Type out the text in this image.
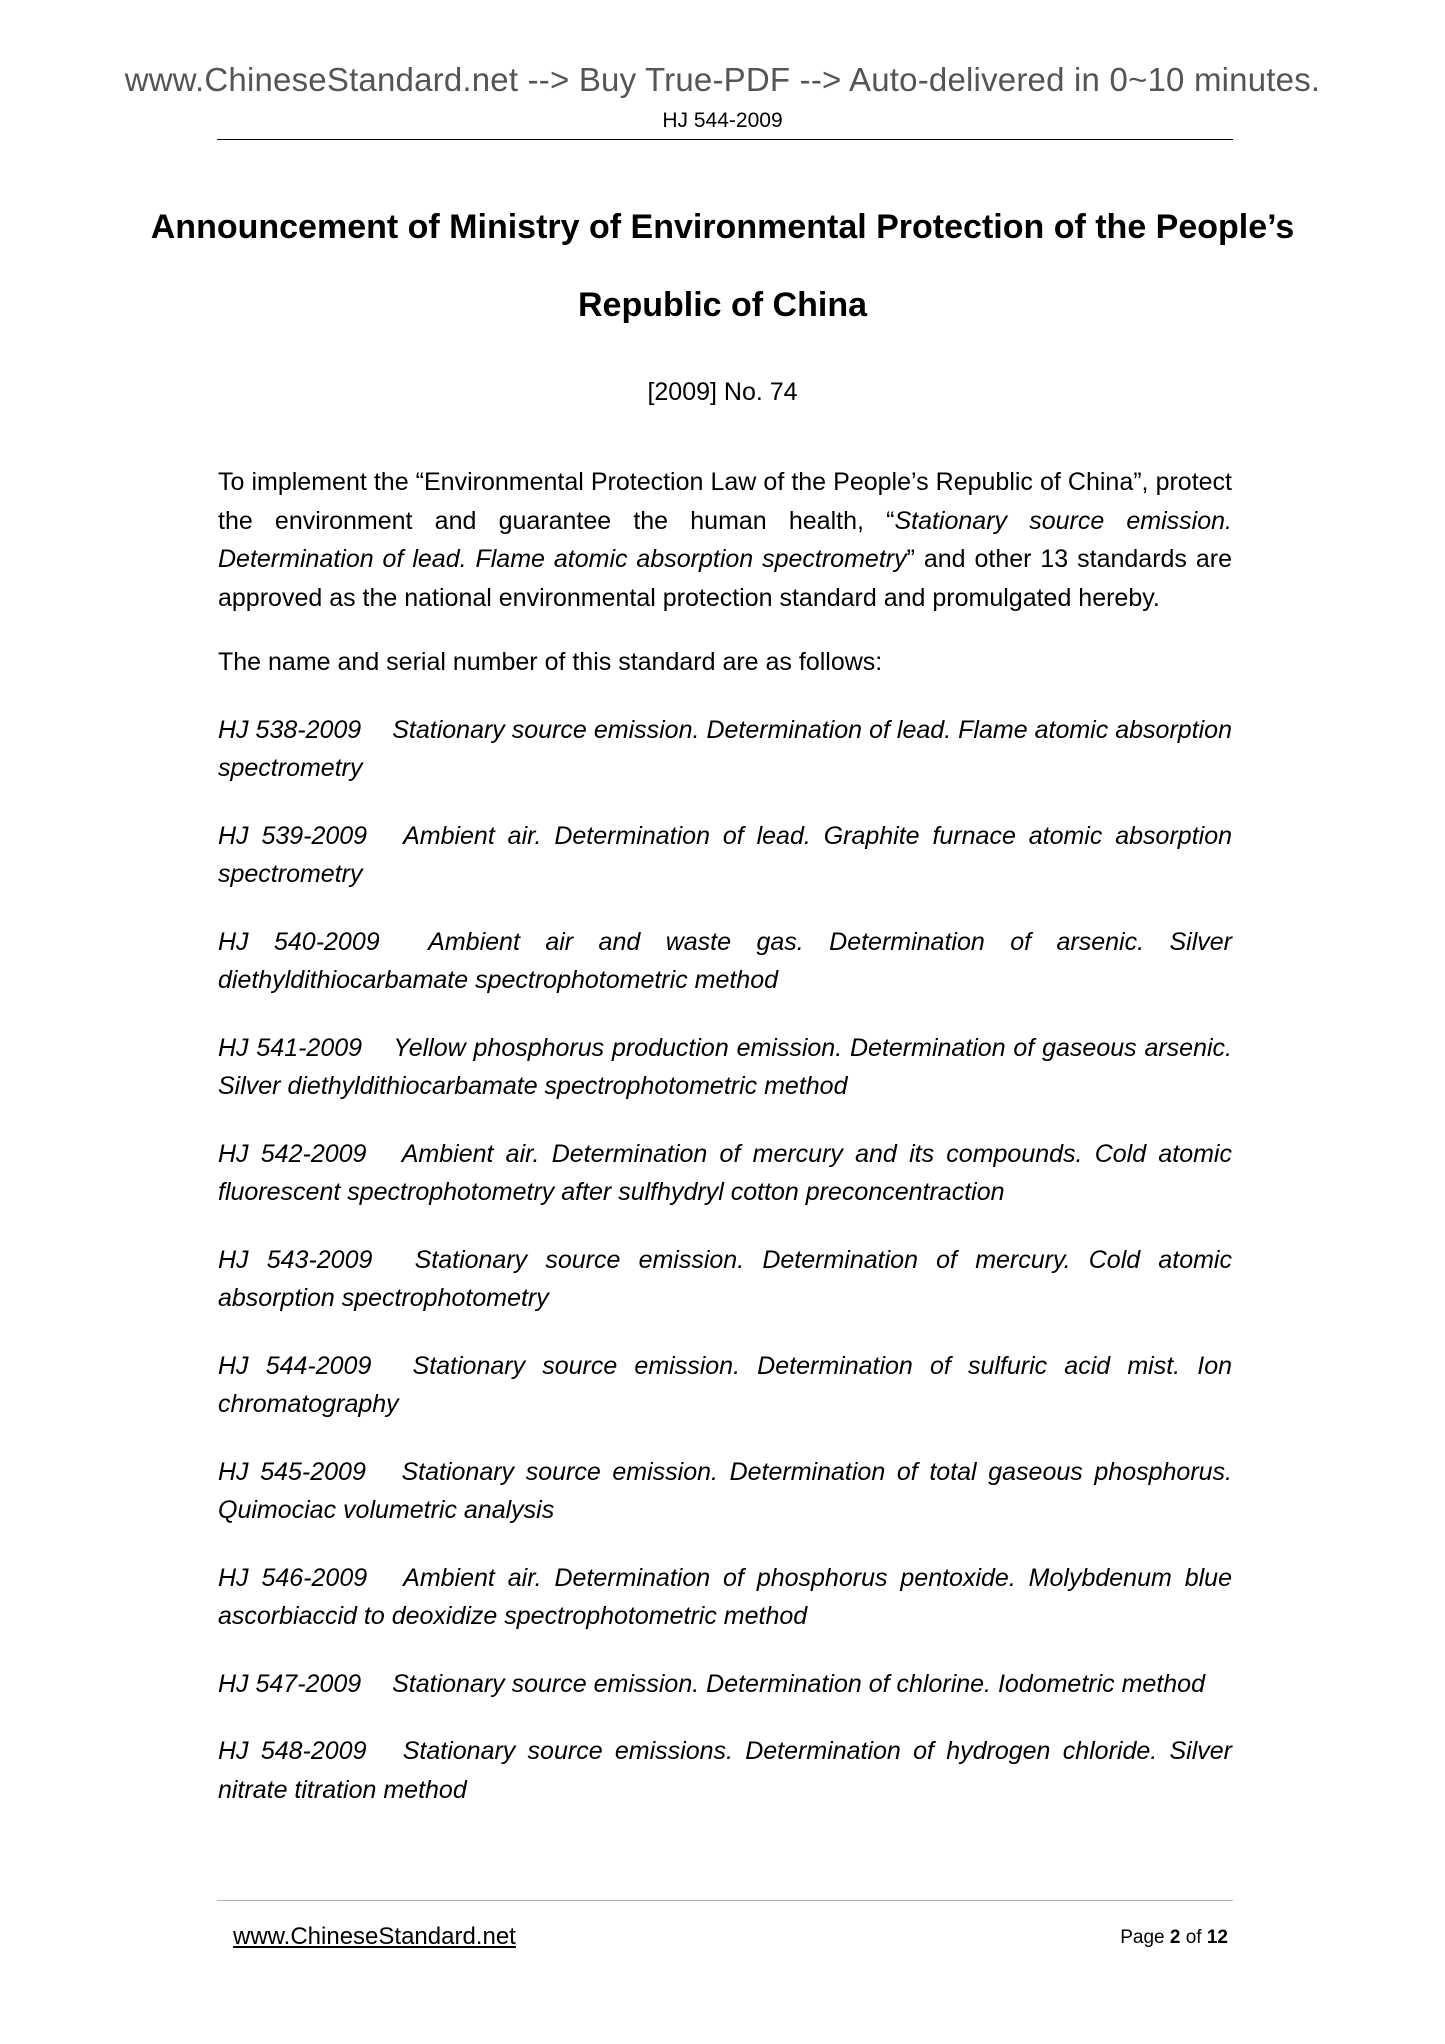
www.ChineseStandard.net --> Buy True-PDF --> Auto-delivered in 0~10 minutes.
HJ 544-2009
Announcement of Ministry of Environmental Protection of the People’s Republic of China
[2009] No. 74

To implement the “Environmental Protection Law of the People’s Republic of China”, protect the environment and guarantee the human health, “Stationary source emission. Determination of lead. Flame atomic absorption spectrometry” and other 13 standards are approved as the national environmental protection standard and promulgated hereby.

The name and serial number of this standard are as follows:

HJ 538-2009 Stationary source emission. Determination of lead. Flame atomic absorption spectrometry

HJ 539-2009 Ambient air. Determination of lead. Graphite furnace atomic absorption spectrometry

HJ 540-2009 Ambient air and waste gas. Determination of arsenic. Silver diethyldithiocarbamate spectrophotometric method

HJ 541-2009 Yellow phosphorus production emission. Determination of gaseous arsenic. Silver diethyldithiocarbamate spectrophotometric method

HJ 542-2009 Ambient air. Determination of mercury and its compounds. Cold atomic fluorescent spectrophotometry after sulfhydryl cotton preconcentraction

HJ 543-2009 Stationary source emission. Determination of mercury. Cold atomic absorption spectrophotometry

HJ 544-2009 Stationary source emission. Determination of sulfuric acid mist. Ion chromatography

HJ 545-2009 Stationary source emission. Determination of total gaseous phosphorus. Quimociac volumetric analysis

HJ 546-2009 Ambient air. Determination of phosphorus pentoxide. Molybdenum blue ascorbiaccid to deoxidize spectrophotometric method

HJ 547-2009 Stationary source emission. Determination of chlorine. Iodometric method

HJ 548-2009 Stationary source emissions. Determination of hydrogen chloride. Silver nitrate titration method

www.ChineseStandard.net	Page 2 of 12
